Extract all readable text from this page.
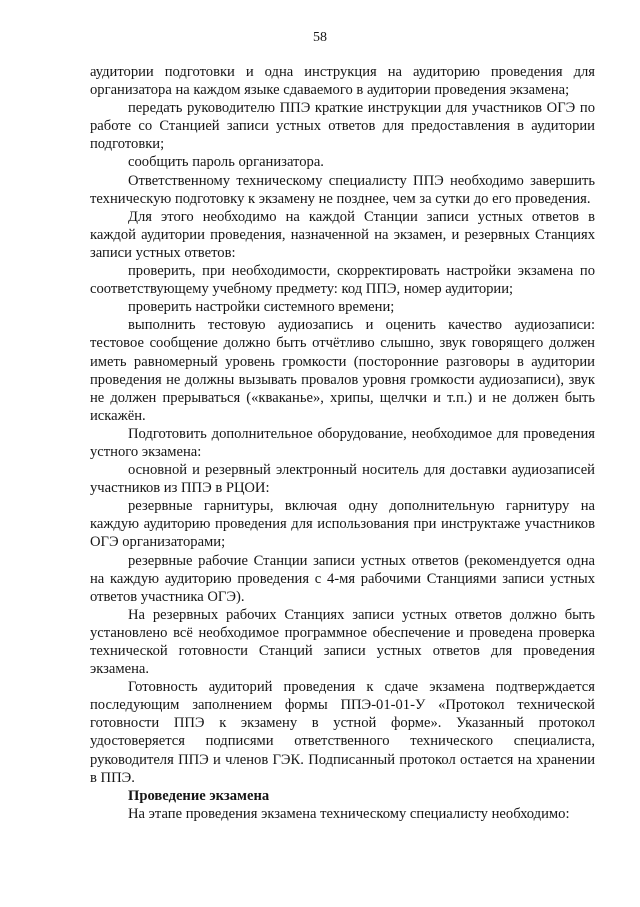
58

аудитории подготовки и одна инструкция на аудиторию проведения для организатора на каждом языке сдаваемого в аудитории проведения экзамена;

передать руководителю ППЭ краткие инструкции для участников ОГЭ по работе со Станцией записи устных ответов для предоставления в аудитории подготовки;

сообщить пароль организатора.

Ответственному техническому специалисту ППЭ необходимо завершить техническую подготовку к экзамену не позднее, чем за сутки до его проведения.

Для этого необходимо на каждой Станции записи устных ответов в каждой аудитории проведения, назначенной на экзамен, и резервных Станциях записи устных ответов:

проверить, при необходимости, скорректировать настройки экзамена по соответствующему учебному предмету: код ППЭ, номер аудитории;

проверить настройки системного времени;

выполнить тестовую аудиозапись и оценить качество аудиозаписи: тестовое сообщение должно быть отчётливо слышно, звук говорящего должен иметь равномерный уровень громкости (посторонние разговоры в аудитории проведения не должны вызывать провалов уровня громкости аудиозаписи), звук не должен прерываться («кваканье», хрипы, щелчки и т.п.) и не должен быть искажён.

Подготовить дополнительное оборудование, необходимое для проведения устного экзамена:

основной и резервный электронный носитель для доставки аудиозаписей участников из ППЭ в РЦОИ:

резервные гарнитуры, включая одну дополнительную гарнитуру на каждую аудиторию проведения для использования при инструктаже участников ОГЭ организаторами;

резервные рабочие Станции записи устных ответов (рекомендуется одна на каждую аудиторию проведения с 4-мя рабочими Станциями записи устных ответов участника ОГЭ).

На резервных рабочих Станциях записи устных ответов должно быть установлено всё необходимое программное обеспечение и проведена проверка технической готовности Станций записи устных ответов для проведения экзамена.

Готовность аудиторий проведения к сдаче экзамена подтверждается последующим заполнением формы ППЭ-01-01-У «Протокол технической готовности ППЭ к экзамену в устной форме». Указанный протокол удостоверяется подписями ответственного технического специалиста, руководителя ППЭ и членов ГЭК. Подписанный протокол остается на хранении в ППЭ.

Проведение экзамена

На этапе проведения экзамена техническому специалисту необходимо:
